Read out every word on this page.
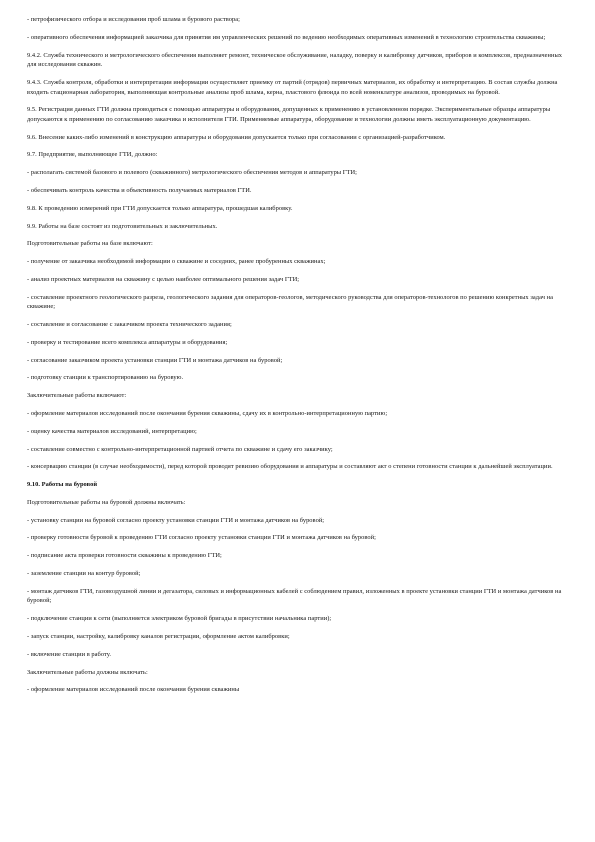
- петрофизического отбора и исследования проб шлама и бурового раствора;

- оперативного обеспечения информацией заказчика для принятия им управленческих решений по ведению необходимых оперативных изменений в технологию строительства скважины;

9.4.2. Служба технического и метрологического обеспечения выполняет ремонт, техническое обслуживание, наладку, поверку и калибровку датчиков, приборов и комплексов, предназначенных для исследования скважин.

9.4.3. Служба контроля, обработки и интерпретации информации осуществляет приемку от партий (отрядов) первичных материалов, их обработку и интерпретацию. В состав службы должна входить стационарная лаборатория, выполняющая контрольные анализы проб шлама, керна, пластового флюида по всей номенклатуре анализов, проводимых на буровой.

9.5. Регистрация данных ГТИ должна проводиться с помощью аппаратуры и оборудования, допущенных к применению в установленном порядке. Экспериментальные образцы аппаратуры допускаются к применению по согласованию заказчика и исполнителя ГТИ. Применяемые аппаратура, оборудование и технологии должны иметь эксплуатационную документацию.

9.6. Внесение каких-либо изменений в конструкцию аппаратуры и оборудования допускается только при согласовании с организацией-разработчиком.

9.7. Предприятие, выполняющее ГТИ, должно:

- располагать системой базового и полевого (скважинного) метрологического обеспечения методов и аппаратуры ГТИ;

- обеспечивать контроль качества и объективность получаемых материалов ГТИ.

9.8. К проведению измерений при ГТИ допускается только аппаратура, прошедшая калибровку.

9.9. Работы на базе состоят из подготовительных и заключительных.

Подготовительные работы на базе включают:

- получение от заказчика необходимой информации о скважине и соседних, ранее пробуренных скважинах;

- анализ проектных материалов на скважину с целью наиболее оптимального решения задач ГТИ;

- составление проектного геологического разреза, геологического задания для операторов-геологов, методического руководства для операторов-технологов по решению конкретных задач на скважине;

- составление и согласование с заказчиком проекта технического задания;

- проверку и тестирование всего комплекса аппаратуры и оборудования;

- согласование заказчиком проекта установки станции ГТИ и монтажа датчиков на буровой;

- подготовку станции к транспортированию на буровую.

Заключительные работы включают:

- оформление материалов исследований после окончания бурения скважины, сдачу их в контрольно-интерпретационную партию;

- оценку качества материалов исследований, интерпретацию;

- составление совместно с контрольно-интерпретационной партией отчета по скважине и сдачу его заказчику;

- консервацию станции (в случае необходимости), перед которой проводят ревизию оборудования и аппаратуры и составляют акт о степени готовности станции к дальнейшей эксплуатации.

9.10. Работы на буровой

Подготовительные работы на буровой должны включать:

- установку станции на буровой согласно проекту установки станции ГТИ и монтажа датчиков на буровой;

- проверку готовности буровой к проведению ГТИ согласно проекту установки станции ГТИ и монтажа датчиков на буровой;

- подписание акта проверки готовности скважины к проведению ГТИ;

- заземление станции на контур буровой;

- монтаж датчиков ГТИ, газовоздушной линии и дегазатора, силовых и информационных кабелей с соблюдением правил, изложенных в проекте установки станции ГТИ и монтажа датчиков на буровой;

- подключение станции к сети (выполняется электриком буровой бригады в присутствии начальника партии);

- запуск станции, настройку, калибровку каналов регистрации, оформление актом калибровки;

- включение станции в работу.

Заключительные работы должны включать:

- оформление материалов исследований после окончания бурения скважины
